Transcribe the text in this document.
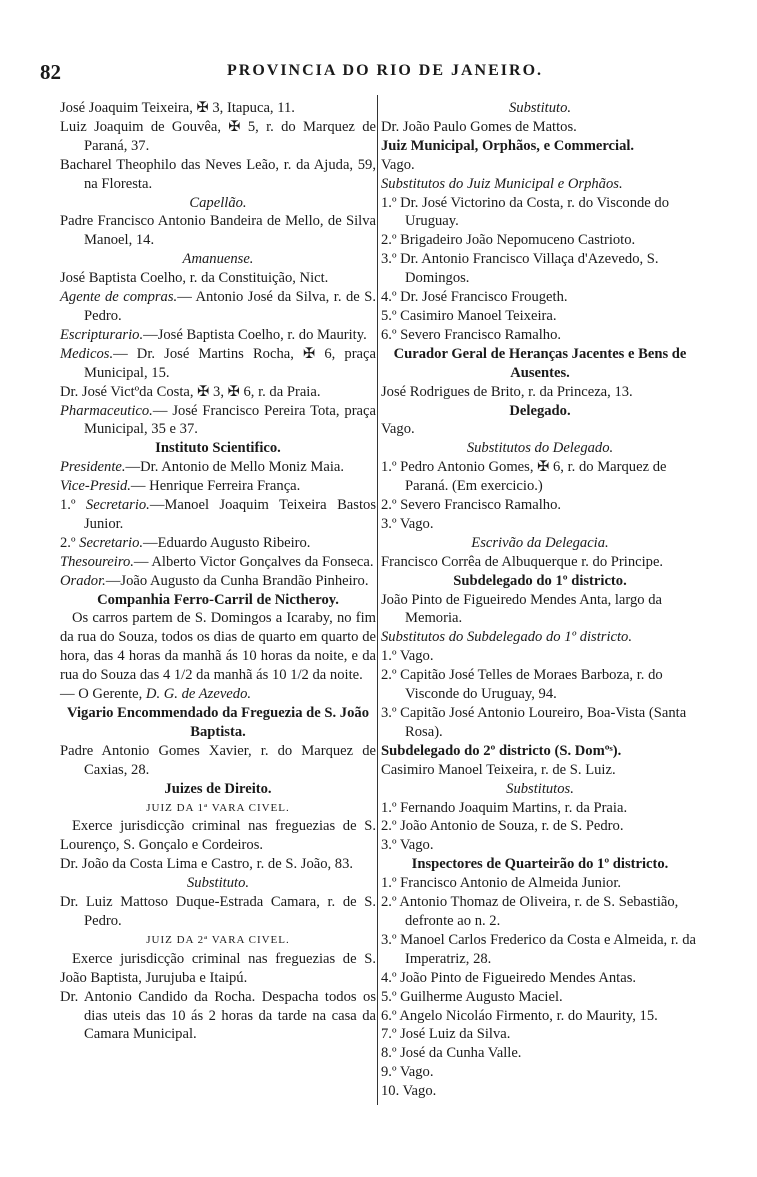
82	PROVINCIA DO RIO DE JANEIRO.

José Joaquim Teixeira, ✠ 3, Itapuca, 11.

Luiz Joaquim de Gouvêa, ✠ 5, r. do Marquez de Paraná, 37.

Bacharel Theophilo das Neves Leão, r. da Ajuda, 59, na Floresta.

Capellão.

Padre Francisco Antonio Bandeira de Mello, de Silva Manoel, 14.

Amanuense.

José Baptista Coelho, r. da Constituição, Nict.

Agente de compras.— Antonio José da Silva, r. de S. Pedro.

Escripturario.—José Baptista Coelho, r. do Maurity.

Medicos.— Dr. José Martins Rocha, ✠ 6, praça Municipal, 15.

Dr. José Victºda Costa, ✠ 3, ✠ 6, r. da Praia.

Pharmaceutico.— José Francisco Pereira Tota, praça Municipal, 35 e 37.

Instituto Scientifico.

Presidente.—Dr. Antonio de Mello Moniz Maia.

Vice-Presid.— Henrique Ferreira França.

1.º Secretario.—Manoel Joaquim Teixeira Bastos Junior.

2.º Secretario.—Eduardo Augusto Ribeiro.

Thesoureiro.— Alberto Victor Gonçalves da Fonseca.

Orador.—João Augusto da Cunha Brandão Pinheiro.

Companhia Ferro-Carril de Nictheroy.

Os carros partem de S. Domingos a Icaraby, no fim da rua do Souza, todos os dias de quarto em quarto de hora, das 4 horas da manhã ás 10 horas da noite, e da rua do Souza das 4 1/2 da manhã ás 10 1/2 da noite.

— O Gerente, D. G. de Azevedo.

Vigario Encommendado da Freguezia de S. João Baptista.

Padre Antonio Gomes Xavier, r. do Marquez de Caxias, 28.

Juizes de Direito.

JUIZ DA 1ª VARA CIVEL.

Exerce jurisdicção criminal nas freguezias de S. Lourenço, S. Gonçalo e Cordeiros.

Dr. João da Costa Lima e Castro, r. de S. João, 83.

Substituto.

Dr. Luiz Mattoso Duque-Estrada Camara, r. de S. Pedro.

JUIZ DA 2ª VARA CIVEL.

Exerce jurisdicção criminal nas freguezias de S. João Baptista, Jurujuba e Itaipú.

Dr. Antonio Candido da Rocha. Despacha todos os dias uteis das 10 ás 2 horas da tarde na casa da Camara Municipal.

Substituto.

Dr. João Paulo Gomes de Mattos.

Juiz Municipal, Orphãos, e Commercial.

Vago.

Substitutos do Juiz Municipal e Orphãos.

1.º Dr. José Victorino da Costa, r. do Visconde do Uruguay.

2.º Brigadeiro João Nepomuceno Castrioto.

3.º Dr. Antonio Francisco Villaça d'Azevedo, S. Domingos.

4.º Dr. José Francisco Frougeth.

5.º Casimiro Manoel Teixeira.

6.º Severo Francisco Ramalho.

Curador Geral de Heranças Jacentes e Bens de Ausentes.

José Rodrigues de Brito, r. da Princeza, 13.

Delegado.

Vago.

Substitutos do Delegado.

1.º Pedro Antonio Gomes, ✠ 6, r. do Marquez de Paraná. (Em exercicio.)

2.º Severo Francisco Ramalho.

3.º Vago.

Escrivão da Delegacia.

Francisco Corrêa de Albuquerque r. do Principe.

Subdelegado do 1º districto.

João Pinto de Figueiredo Mendes Anta, largo da Memoria.

Substitutos do Subdelegado do 1º districto.

1.º Vago.

2.º Capitão José Telles de Moraes Barboza, r. do Visconde do Uruguay, 94.

3.º Capitão José Antonio Loureiro, Boa-Vista (Santa Rosa).

Subdelegado do 2º districto (S. Domºˢ).

Casimiro Manoel Teixeira, r. de S. Luiz.

Substitutos.

1.º Fernando Joaquim Martins, r. da Praia.

2.º João Antonio de Souza, r. de S. Pedro.

3.º Vago.

Inspectores de Quarteirão do 1º districto.

1.º Francisco Antonio de Almeida Junior.

2.º Antonio Thomaz de Oliveira, r. de S. Sebastião, defronte ao n. 2.

3.º Manoel Carlos Frederico da Costa e Almeida, r. da Imperatriz, 28.

4.º João Pinto de Figueiredo Mendes Antas.

5.º Guilherme Augusto Maciel.

6.º Angelo Nicoláo Firmento, r. do Maurity, 15.

7.º José Luiz da Silva.

8.º José da Cunha Valle.

9.º Vago.

10. Vago.
